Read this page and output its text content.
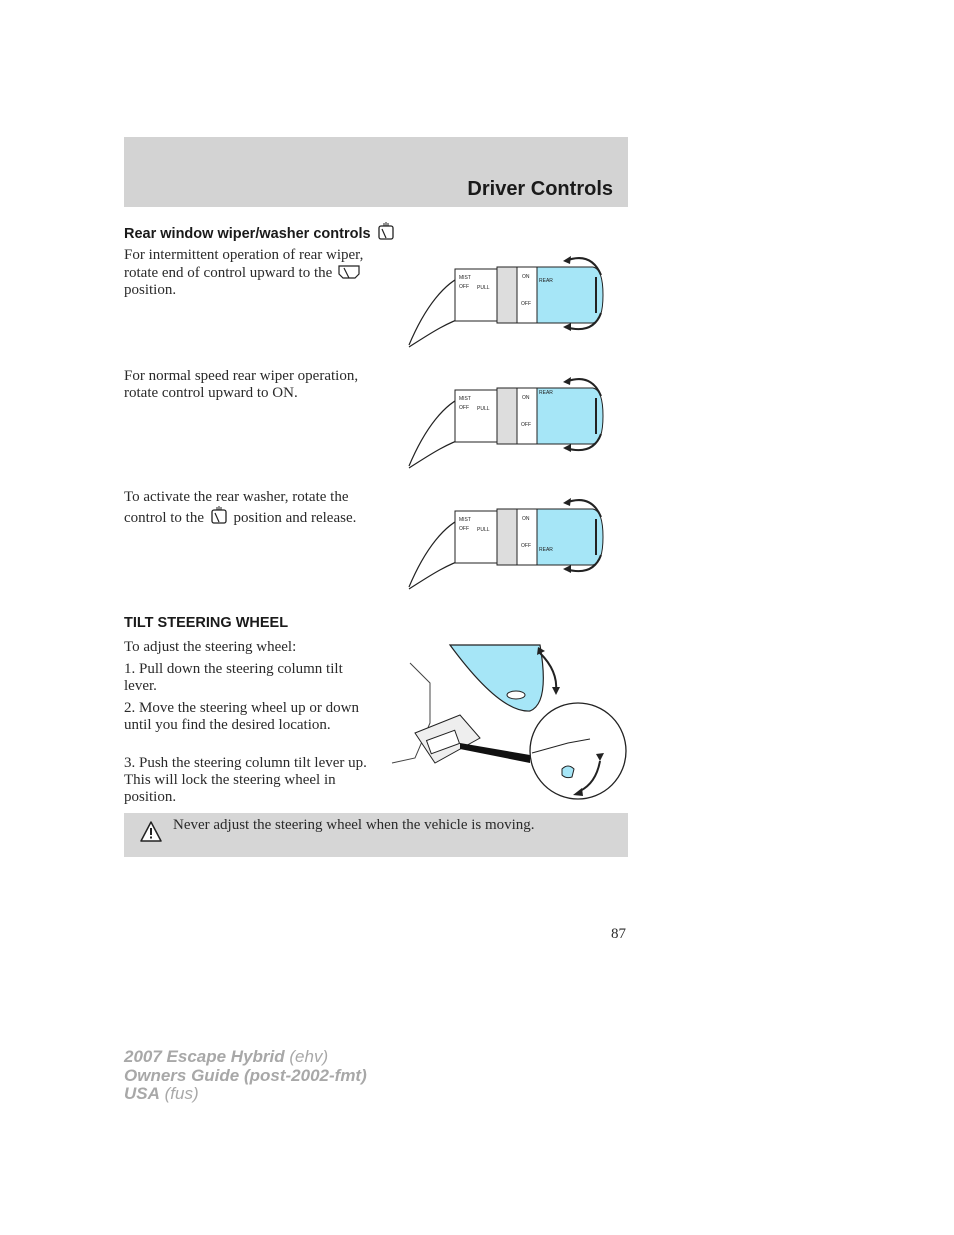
Driver Controls
Rear window wiper/washer controls
For intermittent operation of rear wiper, rotate end of control upward to the  position.
For normal speed rear wiper operation, rotate control upward to ON.
To activate the rear washer, rotate the control to the position and release.
MIST
OFF PULL
ON
OFF
REAR
MIST
OFF PULL
ON
OFF
REAR
MIST
OFF PULL
ON
OFF
REAR
TILT STEERING WHEEL
To adjust the steering wheel:
1. Pull down the steering column tilt lever.
2. Move the steering wheel up or down until you find the desired location.
3. Push the steering column tilt lever up. This will lock the steering wheel in position.
Never adjust the steering wheel when the vehicle is moving.
87
2007 Escape Hybrid (ehv)
Owners Guide (post-2002-fmt)
USA (fus)
